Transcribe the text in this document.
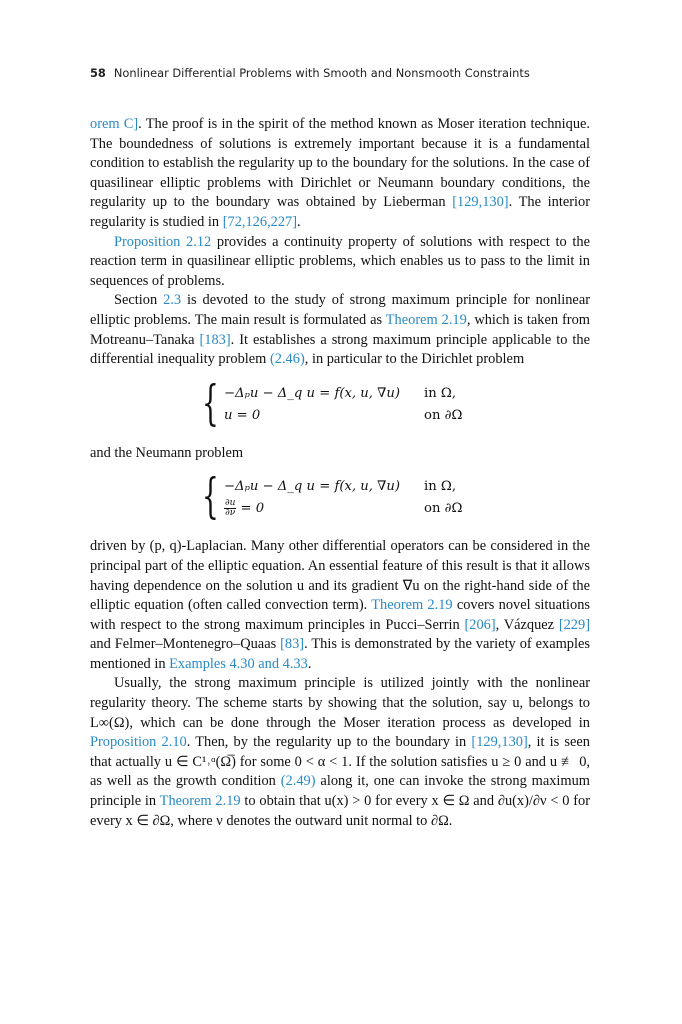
58 Nonlinear Differential Problems with Smooth and Nonsmooth Constraints

orem C]. The proof is in the spirit of the method known as Moser iteration technique. The boundedness of solutions is extremely important because it is a fundamental condition to establish the regularity up to the boundary for the solutions. In the case of quasilinear elliptic problems with Dirichlet or Neumann boundary conditions, the regularity up to the boundary was obtained by Lieberman [129,130]. The interior regularity is studied in [72,126,227].

Proposition 2.12 provides a continuity property of solutions with respect to the reaction term in quasilinear elliptic problems, which enables us to pass to the limit in sequences of problems.

Section 2.3 is devoted to the study of strong maximum principle for nonlinear elliptic problems. The main result is formulated as Theorem 2.19, which is taken from Motreanu–Tanaka [183]. It establishes a strong maximum principle applicable to the differential inequality problem (2.46), in particular to the Dirichlet problem

{ −Δₚu − Δ_q u = f(x, u, ∇u) in Ω,
u = 0	on ∂Ω

and the Neumann problem

{ −Δₚu − Δ_q u = f(x, u, ∇u) in Ω,
$\frac{\partial u}{\partial\nu} = 0$	on ∂Ω

driven by (p, q)-Laplacian. Many other differential operators can be considered in the principal part of the elliptic equation. An essential feature of this result is that it allows having dependence on the solution u and its gradient ∇u on the right-hand side of the elliptic equation (often called convection term). Theorem 2.19 covers novel situations with respect to the strong maximum principles in Pucci–Serrin [206], Vázquez [229] and Felmer–Montenegro–Quaas [83]. This is demonstrated by the variety of examples mentioned in Examples 4.30 and 4.33.

Usually, the strong maximum principle is utilized jointly with the nonlinear regularity theory. The scheme starts by showing that the solution, say u, belongs to L∞(Ω), which can be done through the Moser iteration process as developed in Proposition 2.10. Then, by the regularity up to the boundary in [129,130], it is seen that actually u ∈ C¹˒ᵅ(Ω̅) for some 0 < α < 1. If the solution satisfies u ≥ 0 and u ≢ 0, as well as the growth condition (2.49) along it, one can invoke the strong maximum principle in Theorem 2.19 to obtain that u(x) > 0 for every x ∈ Ω and ∂u(x)/∂ν < 0 for every x ∈ ∂Ω, where ν denotes the outward unit normal to ∂Ω.
